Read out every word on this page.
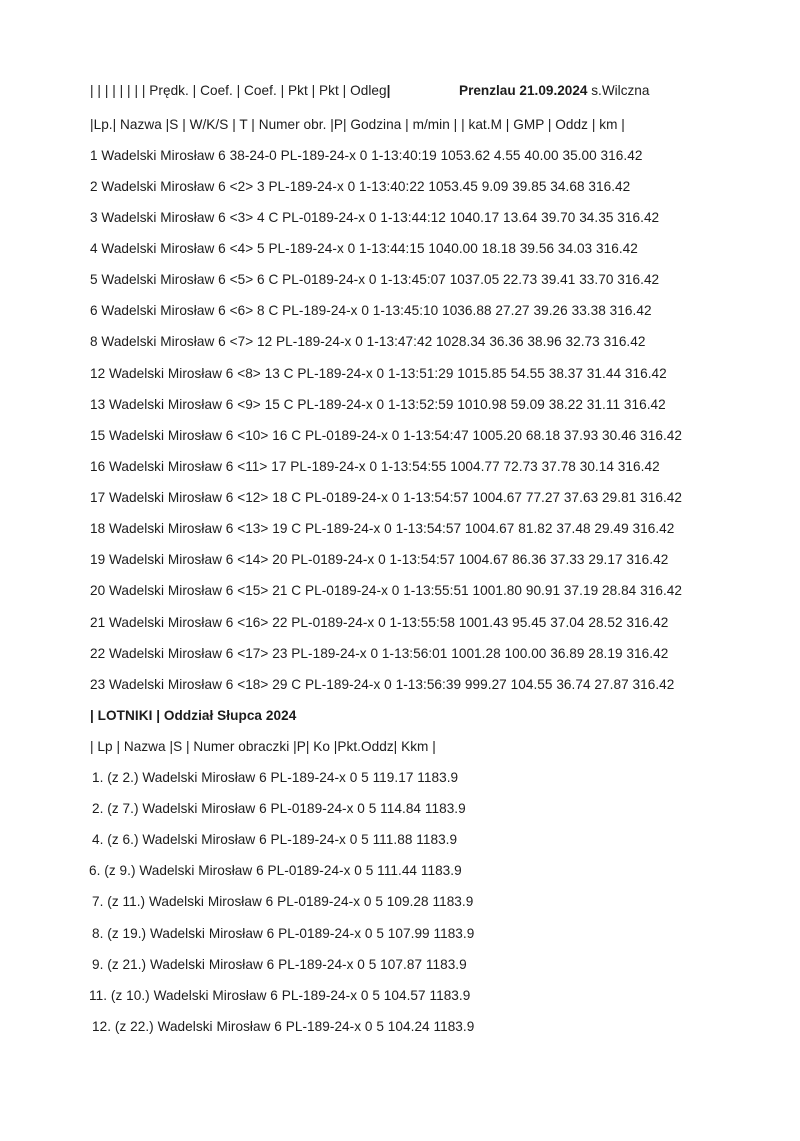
| | | | | | | | Prędk. | Coef. | Coef. | Pkt | Pkt | Odleg|	Prenzlau 21.09.2024 s.Wilczna
|Lp.| Nazwa |S | W/K/S | T | Numer obr. |P| Godzina | m/min | | kat.M | GMP | Oddz | km |
1 Wadelski Mirosław 6 38-24-0 PL-189-24-x 0 1-13:40:19 1053.62 4.55 40.00 35.00 316.42
2 Wadelski Mirosław 6 <2> 3 PL-189-24-x 0 1-13:40:22 1053.45 9.09 39.85 34.68 316.42
3 Wadelski Mirosław 6 <3> 4 C PL-0189-24-x 0 1-13:44:12 1040.17 13.64 39.70 34.35 316.42
4 Wadelski Mirosław 6 <4> 5 PL-189-24-x 0 1-13:44:15 1040.00 18.18 39.56 34.03 316.42
5 Wadelski Mirosław 6 <5> 6 C PL-0189-24-x 0 1-13:45:07 1037.05 22.73 39.41 33.70 316.42
6 Wadelski Mirosław 6 <6> 8 C PL-189-24-x 0 1-13:45:10 1036.88 27.27 39.26 33.38 316.42
8 Wadelski Mirosław 6 <7> 12 PL-189-24-x 0 1-13:47:42 1028.34 36.36 38.96 32.73 316.42
12 Wadelski Mirosław 6 <8> 13 C PL-189-24-x 0 1-13:51:29 1015.85 54.55 38.37 31.44 316.42
13 Wadelski Mirosław 6 <9> 15 C PL-189-24-x 0 1-13:52:59 1010.98 59.09 38.22 31.11 316.42
15 Wadelski Mirosław 6 <10> 16 C PL-0189-24-x 0 1-13:54:47 1005.20 68.18 37.93 30.46 316.42
16 Wadelski Mirosław 6 <11> 17 PL-189-24-x 0 1-13:54:55 1004.77 72.73 37.78 30.14 316.42
17 Wadelski Mirosław 6 <12> 18 C PL-0189-24-x 0 1-13:54:57 1004.67 77.27 37.63 29.81 316.42
18 Wadelski Mirosław 6 <13> 19 C PL-189-24-x 0 1-13:54:57 1004.67 81.82 37.48 29.49 316.42
19 Wadelski Mirosław 6 <14> 20 PL-0189-24-x 0 1-13:54:57 1004.67 86.36 37.33 29.17 316.42
20 Wadelski Mirosław 6 <15> 21 C PL-0189-24-x 0 1-13:55:51 1001.80 90.91 37.19 28.84 316.42
21 Wadelski Mirosław 6 <16> 22 PL-0189-24-x 0 1-13:55:58 1001.43 95.45 37.04 28.52 316.42
22 Wadelski Mirosław 6 <17> 23 PL-189-24-x 0 1-13:56:01 1001.28 100.00 36.89 28.19 316.42
23 Wadelski Mirosław 6 <18> 29 C PL-189-24-x 0 1-13:56:39 999.27 104.55 36.74 27.87 316.42
| LOTNIKI | Oddział Słupca 2024
| Lp | Nazwa |S | Numer obraczki |P| Ko |Pkt.Oddz| Kkm |
1. (z 2.) Wadelski Mirosław 6 PL-189-24-x 0 5 119.17 1183.9
2. (z 7.) Wadelski Mirosław 6 PL-0189-24-x 0 5 114.84 1183.9
4. (z 6.) Wadelski Mirosław 6 PL-189-24-x 0 5 111.88 1183.9
6. (z 9.) Wadelski Mirosław 6 PL-0189-24-x 0 5 111.44 1183.9
7. (z 11.) Wadelski Mirosław 6 PL-0189-24-x 0 5 109.28 1183.9
8. (z 19.) Wadelski Mirosław 6 PL-0189-24-x 0 5 107.99 1183.9
9. (z 21.) Wadelski Mirosław 6 PL-189-24-x 0 5 107.87 1183.9
11. (z 10.) Wadelski Mirosław 6 PL-189-24-x 0 5 104.57 1183.9
12. (z 22.) Wadelski Mirosław 6 PL-189-24-x 0 5 104.24 1183.9
